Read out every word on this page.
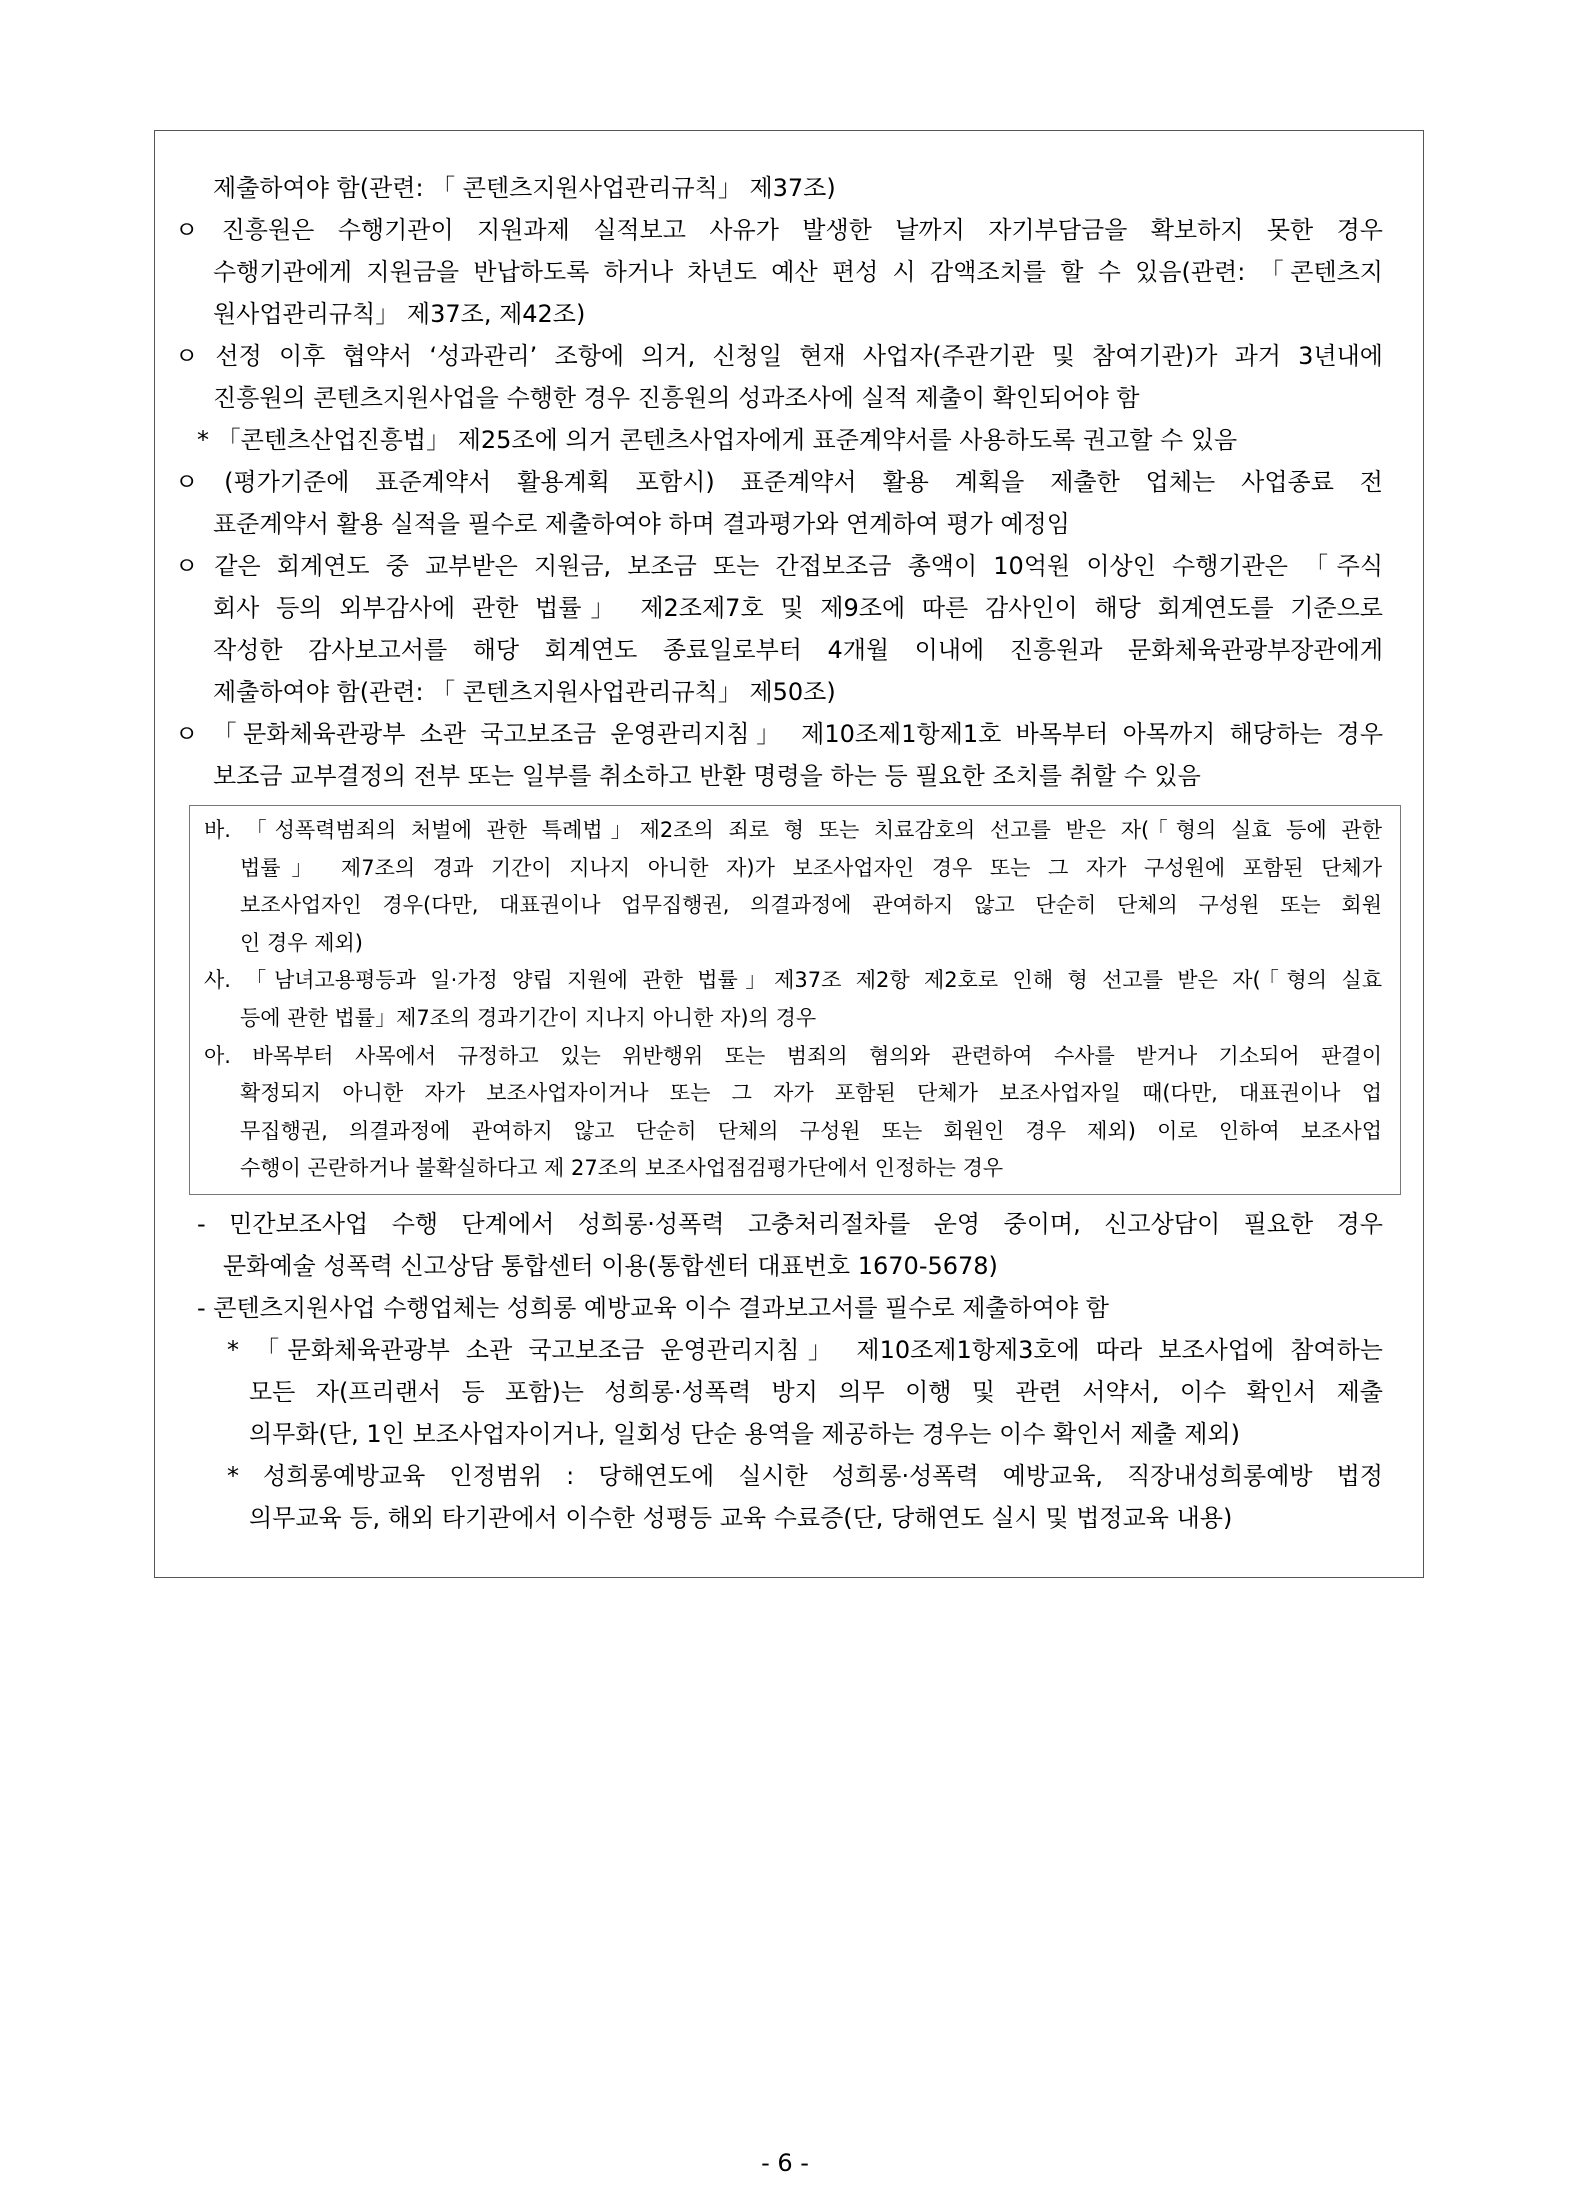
제출하여야 함(관련: 「 콘텐츠지원사업관리규칙」 제37조)
ㅇ 진흥원은 수행기관이 지원과제 실적보고 사유가 발생한 날까지 자기부담금을 확보하지 못한 경우
수행기관에게 지원금을 반납하도록 하거나 차년도 예산 편성 시 감액조치를 할 수 있음(관련: 「콘텐츠지
원사업관리규칙」 제37조, 제42조)
ㅇ 선정 이후 협약서 ‘성과관리’ 조항에 의거, 신청일 현재 사업자(주관기관 및 참여기관)가 과거 3년내에
진흥원의 콘텐츠지원사업을 수행한 경우 진흥원의 성과조사에 실적 제출이 확인되어야 함
* 「콘텐츠산업진흥법」 제25조에 의거 콘텐츠사업자에게 표준계약서를 사용하도록 권고할 수 있음
ㅇ (평가기준에 표준계약서 활용계획 포함시) 표준계약서 활용 계획을 제출한 업체는 사업종료 전
표준계약서 활용 실적을 필수로 제출하여야 하며 결과평가와 연계하여 평가 예정임
ㅇ 같은 회계연도 중 교부받은 지원금, 보조금 또는 간접보조금 총액이 10억원 이상인 수행기관은 「주식
회사 등의 외부감사에 관한 법률」 제2조제7호 및 제9조에 따른 감사인이 해당 회계연도를 기준으로
작성한 감사보고서를 해당 회계연도 종료일로부터 4개월 이내에 진흥원과 문화체육관광부장관에게
제출하여야 함(관련: 「 콘텐츠지원사업관리규칙」 제50조)
ㅇ 「문화체육관광부 소관 국고보조금 운영관리지침」 제10조제1항제1호 바목부터 아목까지 해당하는 경우
보조금 교부결정의 전부 또는 일부를 취소하고 반환 명령을 하는 등 필요한 조치를 취할 수 있음
바. 「성폭력범죄의 처벌에 관한 특례법」제2조의 죄로 형 또는 치료감호의 선고를 받은 자(「형의 실효 등에 관한
법률」 제7조의 경과 기간이 지나지 아니한 자)가 보조사업자인 경우 또는 그 자가 구성원에 포함된 단체가
보조사업자인 경우(다만, 대표권이나 업무집행권, 의결과정에 관여하지 않고 단순히 단체의 구성원 또는 회원
인 경우 제외)
사. 「남녀고용평등과 일·가정 양립 지원에 관한 법률」제37조 제2항 제2호로 인해 형 선고를 받은 자(「형의 실효
등에 관한 법률」제7조의 경과기간이 지나지 아니한 자)의 경우
아. 바목부터 사목에서 규정하고 있는 위반행위 또는 범죄의 혐의와 관련하여 수사를 받거나 기소되어 판결이
확정되지 아니한 자가 보조사업자이거나 또는 그 자가 포함된 단체가 보조사업자일 때(다만, 대표권이나 업
무집행권, 의결과정에 관여하지 않고 단순히 단체의 구성원 또는 회원인 경우 제외) 이로 인하여 보조사업
수행이 곤란하거나 불확실하다고 제 27조의 보조사업점검평가단에서 인정하는 경우
- 민간보조사업 수행 단계에서 성희롱·성폭력 고충처리절차를 운영 중이며, 신고상담이 필요한 경우
문화예술 성폭력 신고상담 통합센터 이용(통합센터 대표번호 1670-5678)
- 콘텐츠지원사업 수행업체는 성희롱 예방교육 이수 결과보고서를 필수로 제출하여야 함
* 「문화체육관광부 소관 국고보조금 운영관리지침」 제10조제1항제3호에 따라 보조사업에 참여하는
모든 자(프리랜서 등 포함)는 성희롱·성폭력 방지 의무 이행 및 관련 서약서, 이수 확인서 제출
의무화(단, 1인 보조사업자이거나, 일회성 단순 용역을 제공하는 경우는 이수 확인서 제출 제외)
* 성희롱예방교육 인정범위 : 당해연도에 실시한 성희롱·성폭력 예방교육, 직장내성희롱예방 법정
의무교육 등, 해외 타기관에서 이수한 성평등 교육 수료증(단, 당해연도 실시 및 법정교육 내용)
- 6 -
